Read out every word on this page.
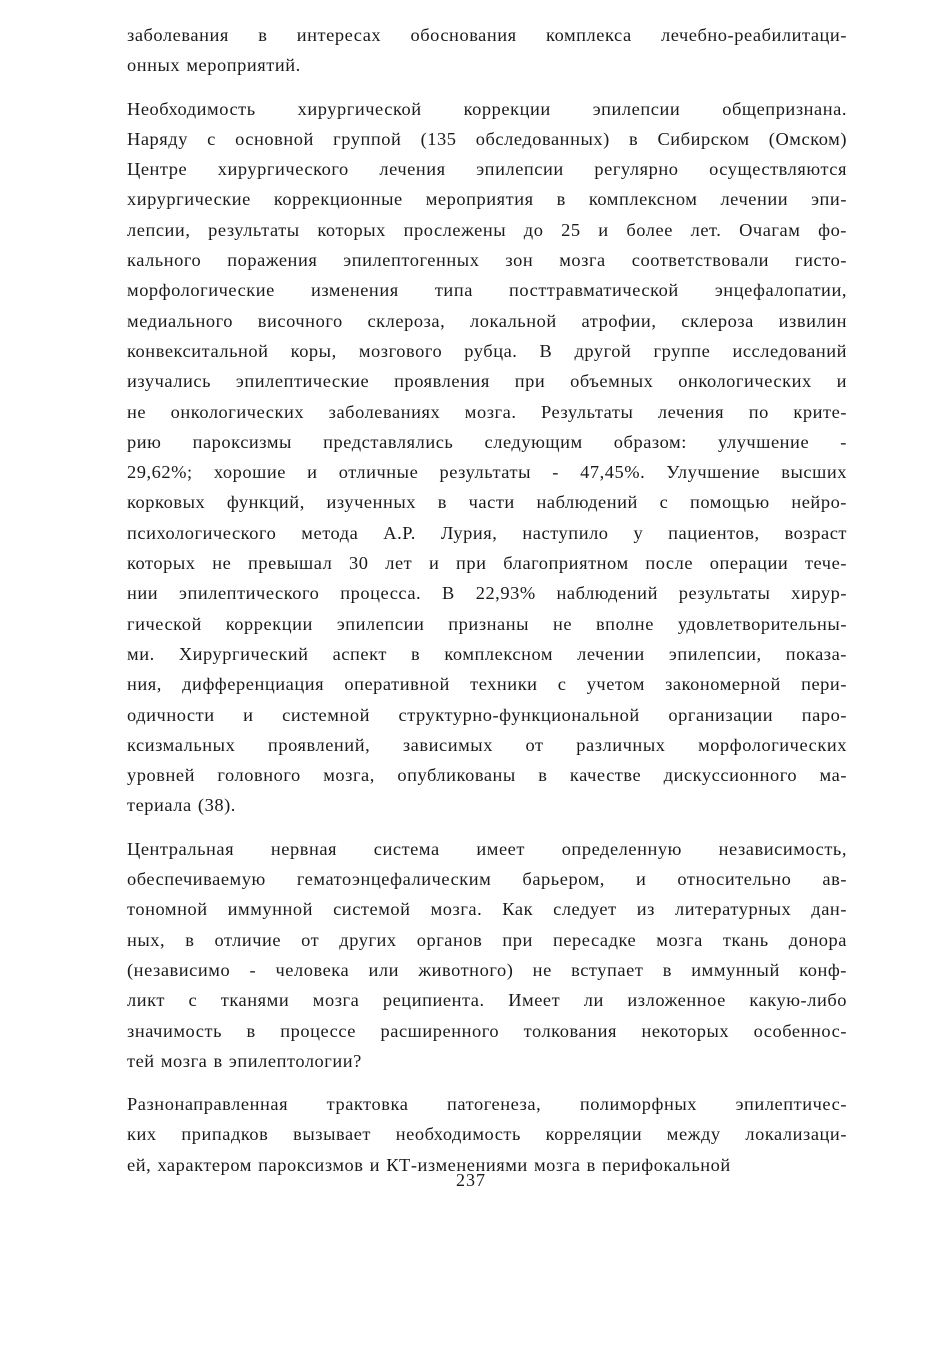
заболевания в интересах обоснования комплекса лечебно-реабилитаци-
онных мероприятий.

Необходимость хирургической коррекции эпилепсии общепризнана.
Наряду с основной группой (135 обследованных) в Сибирском (Омском)
Центре хирургического лечения эпилепсии регулярно осуществляются
хирургические коррекционные мероприятия в комплексном лечении эпи-
лепсии, результаты которых прослежены до 25 и более лет. Очагам фо-
кального поражения эпилептогенных зон мозга соответствовали гисто-
морфологические изменения типа посттравматической энцефалопатии,
медиального височного склероза, локальной атрофии, склероза извилин
конвекситальной коры, мозгового рубца. В другой группе исследований
изучались эпилептические проявления при объемных онкологических и
не онкологических заболеваниях мозга. Результаты лечения по крите-
рию пароксизмы представлялись следующим образом: улучшение -
29,62%; хорошие и отличные результаты - 47,45%. Улучшение высших
корковых функций, изученных в части наблюдений с помощью нейро-
психологического метода А.Р. Лурия, наступило у пациентов, возраст
которых не превышал 30 лет и при благоприятном после операции тече-
нии эпилептического процесса. В 22,93% наблюдений результаты хирур-
гической коррекции эпилепсии признаны не вполне удовлетворительны-
ми. Хирургический аспект в комплексном лечении эпилепсии, показа-
ния, дифференциация оперативной техники с учетом закономерной пери-
одичности и системной структурно-функциональной организации паро-
ксизмальных проявлений, зависимых от различных морфологических
уровней головного мозга, опубликованы в качестве дискуссионного ма-
териала (38).

Центральная нервная система имеет определенную независимость,
обеспечиваемую гематоэнцефалическим барьером, и относительно ав-
тономной иммунной системой мозга. Как следует из литературных дан-
ных, в отличие от других органов при пересадке мозга ткань донора
(независимо - человека или животного) не вступает в иммунный конф-
ликт с тканями мозга реципиента. Имеет ли изложенное какую-либо
значимость в процессе расширенного толкования некоторых особеннос-
тей мозга в эпилептологии?

Разнонаправленная трактовка патогенеза, полиморфных эпилептичес-
ких припадков вызывает необходимость корреляции между локализаци-
ей, характером пароксизмов и КТ-изменениями мозга в перифокальной

237
